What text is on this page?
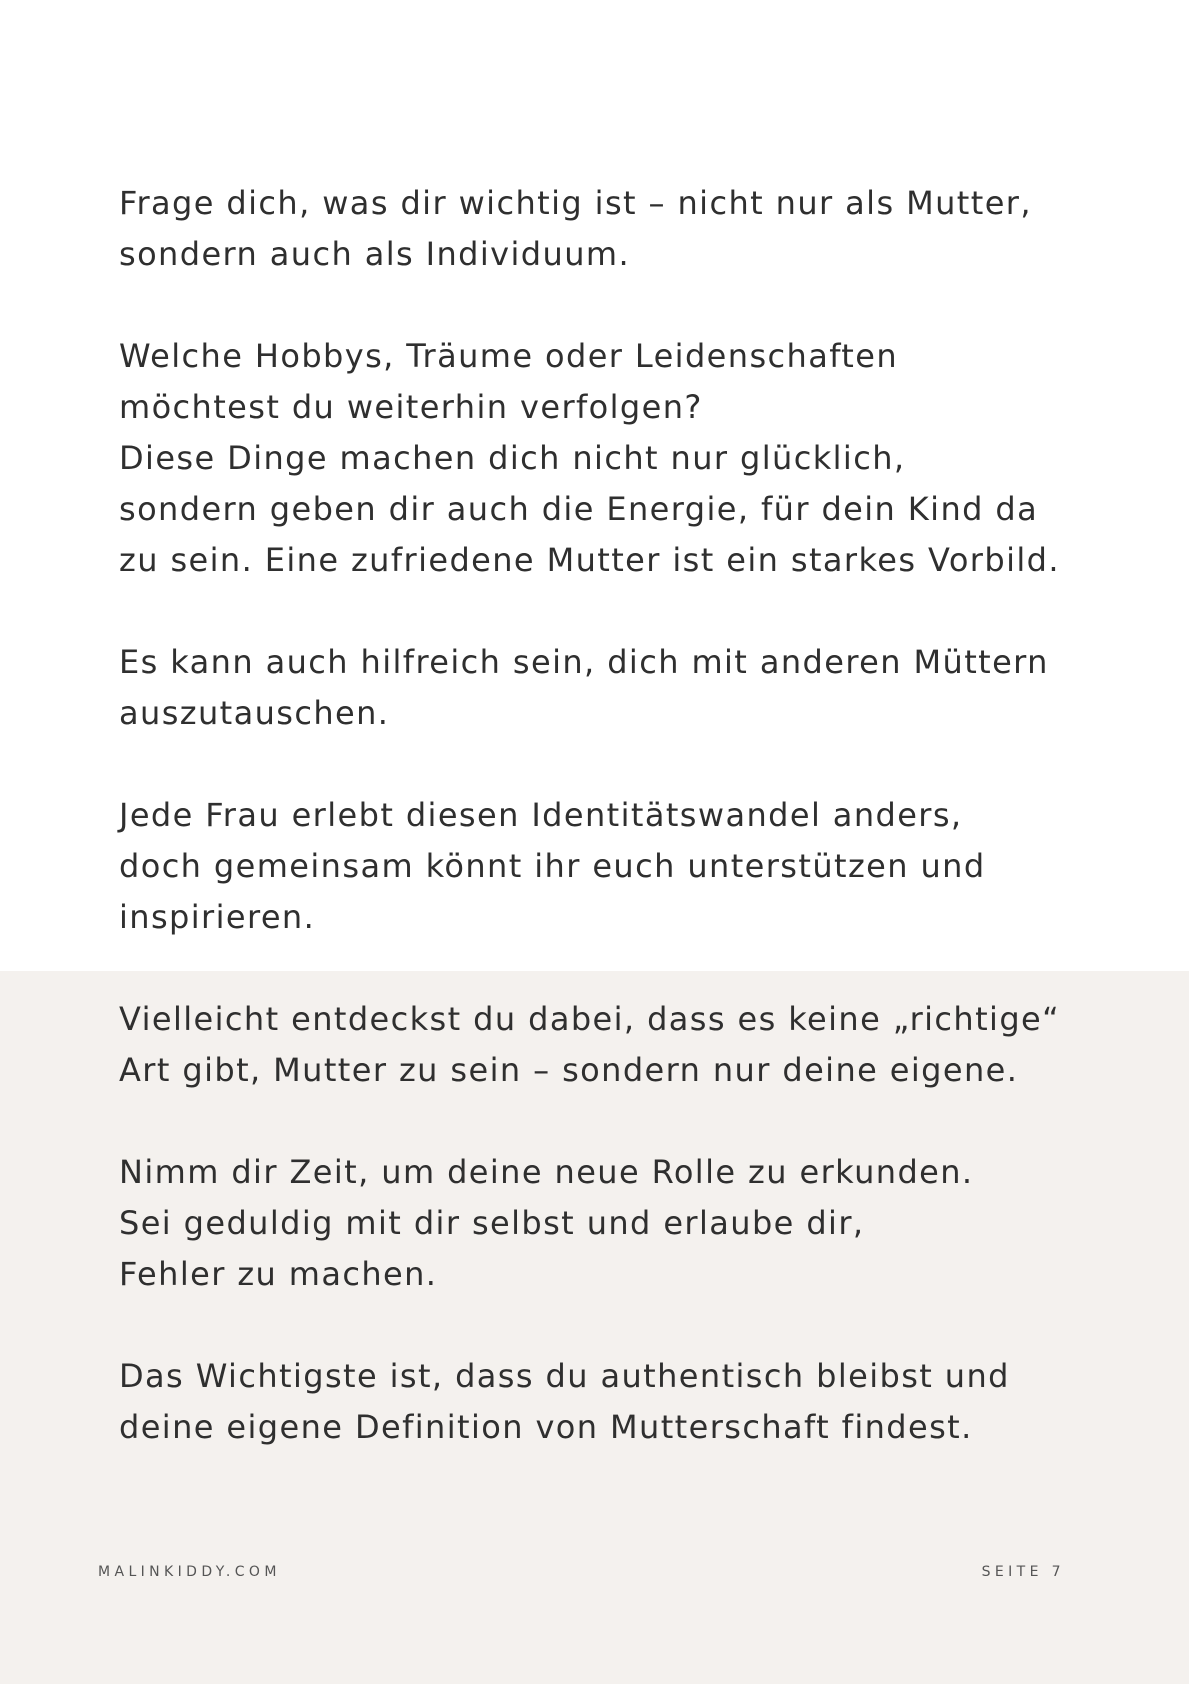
Frage dich, was dir wichtig ist – nicht nur als Mutter,
sondern auch als Individuum.

Welche Hobbys, Träume oder Leidenschaften
möchtest du weiterhin verfolgen?
Diese Dinge machen dich nicht nur glücklich,
sondern geben dir auch die Energie, für dein Kind da
zu sein. Eine zufriedene Mutter ist ein starkes Vorbild.

Es kann auch hilfreich sein, dich mit anderen Müttern
auszutauschen.

Jede Frau erlebt diesen Identitätswandel anders,
doch gemeinsam könnt ihr euch unterstützen und
inspirieren.

Vielleicht entdeckst du dabei, dass es keine „richtige“
Art gibt, Mutter zu sein – sondern nur deine eigene.

Nimm dir Zeit, um deine neue Rolle zu erkunden.
Sei geduldig mit dir selbst und erlaube dir,
Fehler zu machen.

Das Wichtigste ist, dass du authentisch bleibst und
deine eigene Definition von Mutterschaft findest.

MALINKIDDY.COM	SEITE 7
